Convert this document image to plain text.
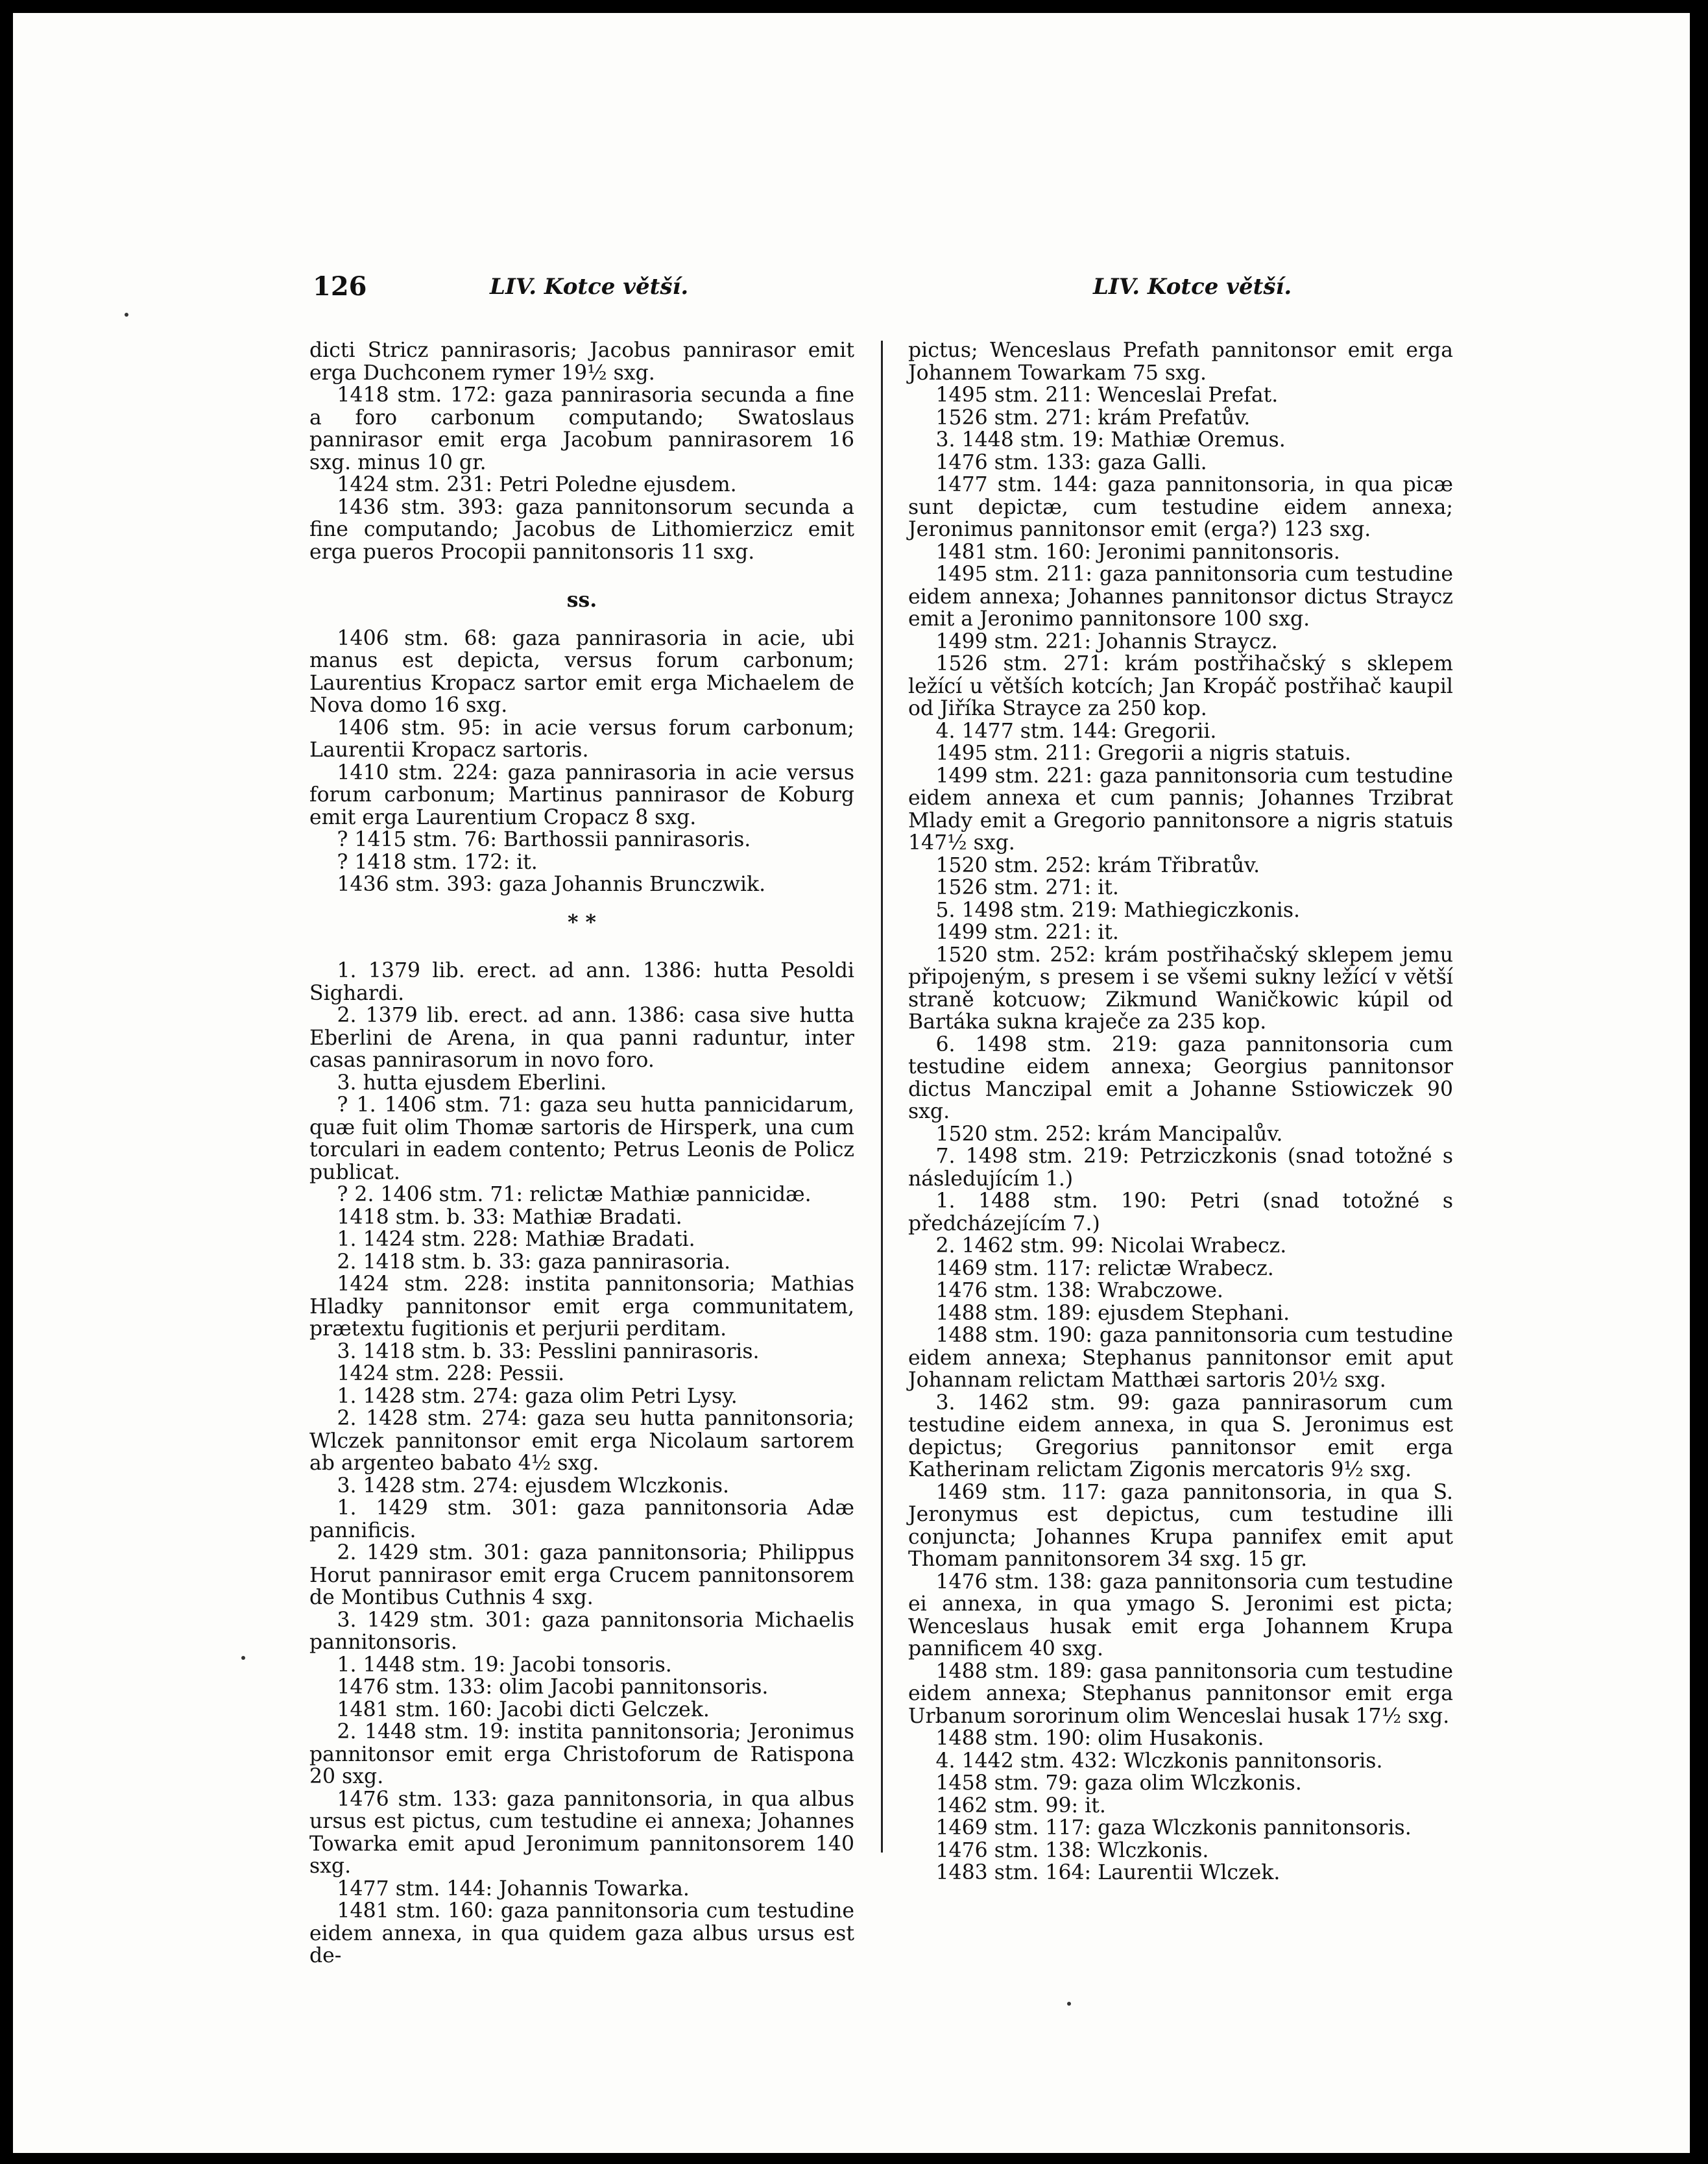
126	LIV. Kotce větší.	LIV. Kotce větší.

dicti Stricz pannirasoris; Jacobus pannirasor emit erga Duchconem rymer 19½ sxg.

1418 stm. 172: gaza pannirasoria secunda a fine a foro carbonum computando; Swatoslaus pannirasor emit erga Jacobum pannirasorem 16 sxg. minus 10 gr.

1424 stm. 231: Petri Poledne ejusdem.

1436 stm. 393: gaza pannitonsorum secunda a fine computando; Jacobus de Lithomierzicz emit erga pueros Procopii pannitonsoris 11 sxg.

ss.

1406 stm. 68: gaza pannirasoria in acie, ubi manus est depicta, versus forum carbonum; Laurentius Kropacz sartor emit erga Michaelem de Nova domo 16 sxg.

1406 stm. 95: in acie versus forum carbonum; Laurentii Kropacz sartoris.

1410 stm. 224: gaza pannirasoria in acie versus forum carbonum; Martinus pannirasor de Koburg emit erga Laurentium Cropacz 8 sxg.

? 1415 stm. 76: Barthossii pannirasoris.

? 1418 stm. 172: it.

1436 stm. 393: gaza Johannis Brunczwik.

* *

1. 1379 lib. erect. ad ann. 1386: hutta Pesoldi Sighardi.

2. 1379 lib. erect. ad ann. 1386: casa sive hutta Eberlini de Arena, in qua panni raduntur, inter casas pannirasorum in novo foro.

3. hutta ejusdem Eberlini.

? 1. 1406 stm. 71: gaza seu hutta pannicidarum, quæ fuit olim Thomæ sartoris de Hirsperk, una cum torculari in eadem contento; Petrus Leonis de Policz publicat.

? 2. 1406 stm. 71: relictæ Mathiæ pannicidæ.

1418 stm. b. 33: Mathiæ Bradati.

1. 1424 stm. 228: Mathiæ Bradati.

2. 1418 stm. b. 33: gaza pannirasoria.

1424 stm. 228: instita pannitonsoria; Mathias Hladky pannitonsor emit erga communitatem, prætextu fugitionis et perjurii perditam.

3. 1418 stm. b. 33: Pesslini pannirasoris.

1424 stm. 228: Pessii.

1. 1428 stm. 274: gaza olim Petri Lysy.

2. 1428 stm. 274: gaza seu hutta pannitonsoria; Wlczek pannitonsor emit erga Nicolaum sartorem ab argenteo babato 4½ sxg.

3. 1428 stm. 274: ejusdem Wlczkonis.

1. 1429 stm. 301: gaza pannitonsoria Adæ pannificis.

2. 1429 stm. 301: gaza pannitonsoria; Philippus Horut pannirasor emit erga Crucem pannitonsorem de Montibus Cuthnis 4 sxg.

3. 1429 stm. 301: gaza pannitonsoria Michaelis pannitonsoris.

1. 1448 stm. 19: Jacobi tonsoris.

1476 stm. 133: olim Jacobi pannitonsoris.

1481 stm. 160: Jacobi dicti Gelczek.

2. 1448 stm. 19: instita pannitonsoria; Jeronimus pannitonsor emit erga Christoforum de Ratispona 20 sxg.

1476 stm. 133: gaza pannitonsoria, in qua albus ursus est pictus, cum testudine ei annexa; Johannes Towarka emit apud Jeronimum pannitonsorem 140 sxg.

1477 stm. 144: Johannis Towarka.

1481 stm. 160: gaza pannitonsoria cum testudine eidem annexa, in qua quidem gaza albus ursus est de-

pictus; Wenceslaus Prefath pannitonsor emit erga Johannem Towarkam 75 sxg.

1495 stm. 211: Wenceslai Prefat.

1526 stm. 271: krám Prefatův.

3. 1448 stm. 19: Mathiæ Oremus.

1476 stm. 133: gaza Galli.

1477 stm. 144: gaza pannitonsoria, in qua picæ sunt depictæ, cum testudine eidem annexa; Jeronimus pannitonsor emit (erga?) 123 sxg.

1481 stm. 160: Jeronimi pannitonsoris.

1495 stm. 211: gaza pannitonsoria cum testudine eidem annexa; Johannes pannitonsor dictus Straycz emit a Jeronimo pannitonsore 100 sxg.

1499 stm. 221: Johannis Straycz.

1526 stm. 271: krám postřihačský s sklepem ležící u větších kotcích; Jan Kropáč postřihač kaupil od Jiříka Strayce za 250 kop.

4. 1477 stm. 144: Gregorii.

1495 stm. 211: Gregorii a nigris statuis.

1499 stm. 221: gaza pannitonsoria cum testudine eidem annexa et cum pannis; Johannes Trzibrat Mlady emit a Gregorio pannitonsore a nigris statuis 147½ sxg.

1520 stm. 252: krám Třibratův.

1526 stm. 271: it.

5. 1498 stm. 219: Mathiegiczkonis.

1499 stm. 221: it.

1520 stm. 252: krám postřihačský sklepem jemu připojeným, s presem i se všemi sukny ležící v větší straně kotcuow; Zikmund Waničkowic kúpil od Bartáka sukna kraječe za 235 kop.

6. 1498 stm. 219: gaza pannitonsoria cum testudine eidem annexa; Georgius pannitonsor dictus Manczipal emit a Johanne Sstiowiczek 90 sxg.

1520 stm. 252: krám Mancipalův.

7. 1498 stm. 219: Petrziczkonis (snad totožné s následujícím 1.)

1. 1488 stm. 190: Petri (snad totožné s předcházejícím 7.)

2. 1462 stm. 99: Nicolai Wrabecz.

1469 stm. 117: relictæ Wrabecz.

1476 stm. 138: Wrabczowe.

1488 stm. 189: ejusdem Stephani.

1488 stm. 190: gaza pannitonsoria cum testudine eidem annexa; Stephanus pannitonsor emit aput Johannam relictam Matthæi sartoris 20½ sxg.

3. 1462 stm. 99: gaza pannirasorum cum testudine eidem annexa, in qua S. Jeronimus est depictus; Gregorius pannitonsor emit erga Katherinam relictam Zigonis mercatoris 9½ sxg.

1469 stm. 117: gaza pannitonsoria, in qua S. Jeronymus est depictus, cum testudine illi conjuncta; Johannes Krupa pannifex emit aput Thomam pannitonsorem 34 sxg. 15 gr.

1476 stm. 138: gaza pannitonsoria cum testudine ei annexa, in qua ymago S. Jeronimi est picta; Wenceslaus husak emit erga Johannem Krupa pannificem 40 sxg.

1488 stm. 189: gasa pannitonsoria cum testudine eidem annexa; Stephanus pannitonsor emit erga Urbanum sororinum olim Wenceslai husak 17½ sxg.

1488 stm. 190: olim Husakonis.

4. 1442 stm. 432: Wlczkonis pannitonsoris.

1458 stm. 79: gaza olim Wlczkonis.

1462 stm. 99: it.

1469 stm. 117: gaza Wlczkonis pannitonsoris.

1476 stm. 138: Wlczkonis.

1483 stm. 164: Laurentii Wlczek.
